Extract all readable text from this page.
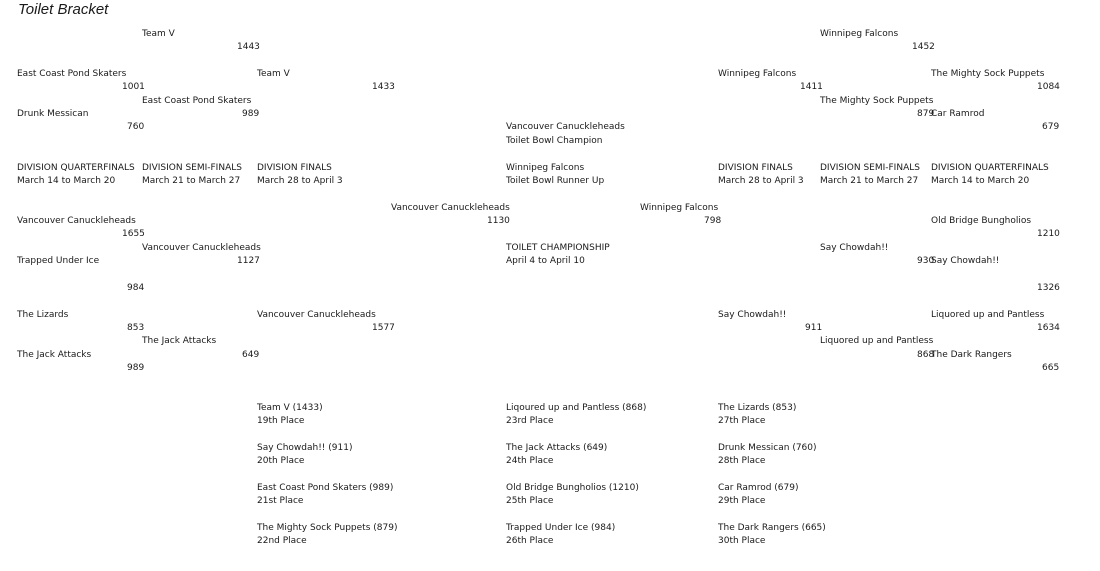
Toilet Bracket
East Coast Pond Skaters
1001
Drunk Messican
760
Vancouver Canuckleheads
1655
Trapped Under Ice
984
The Lizards
853
The Jack Attacks
989
DIVISION QUARTERFINALS
March 14 to March 20
Team V
1443
East Coast Pond Skaters
989
Vancouver Canuckleheads
1127
The Jack Attacks
649
DIVISION SEMI-FINALS
March 21 to March 27
Team V
1433
Vancouver Canuckleheads
1577
DIVISION FINALS
March 28 to April 3
Vancouver Canuckleheads
Toilet Bowl Champion
Winnipeg Falcons
Toilet Bowl Runner Up
Vancouver Canuckleheads
1130
Winnipeg Falcons
798
TOILET CHAMPIONSHIP
April 4 to April 10
Winnipeg Falcons
1411
Say Chowdah!!
911
DIVISION FINALS
March 28 to April 3
Winnipeg Falcons
1452
The Mighty Sock Puppets
879
Say Chowdah!!
930
Liquored up and Pantless
868
DIVISION SEMI-FINALS
March 21 to March 27
The Mighty Sock Puppets
1084
Car Ramrod
679
Old Bridge Bungholios
1210
Say Chowdah!!
1326
Liquored up and Pantless
1634
The Dark Rangers
665
DIVISION QUARTERFINALS
March 14 to March 20
Team V (1433)
19th Place
Say Chowdah!! (911)
20th Place
East Coast Pond Skaters (989)
21st Place
The Mighty Sock Puppets (879)
22nd Place
Liqoured up and Pantless (868)
23rd Place
The Jack Attacks (649)
24th Place
Old Bridge Bungholios (1210)
25th Place
Trapped Under Ice (984)
26th Place
The Lizards (853)
27th Place
Drunk Messican (760)
28th Place
Car Ramrod (679)
29th Place
The Dark Rangers (665)
30th Place
